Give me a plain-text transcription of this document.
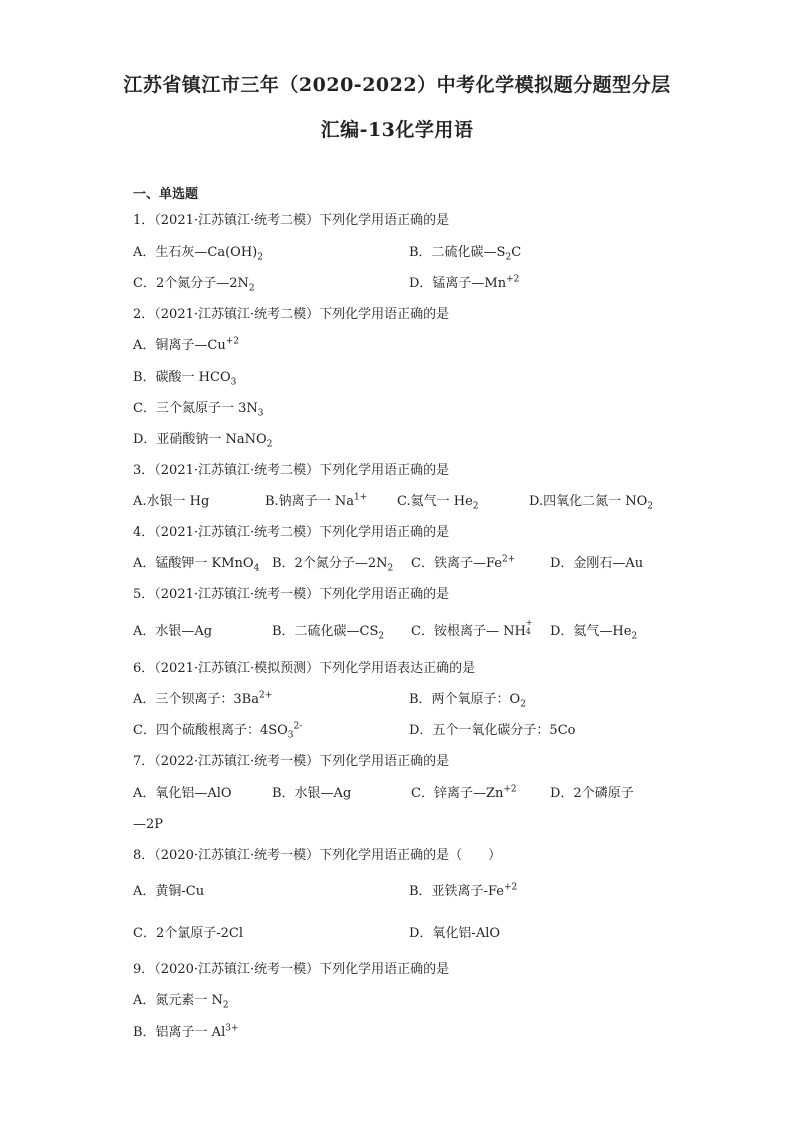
江苏省镇江市三年（2020-2022）中考化学模拟题分题型分层
汇编-13化学用语
一、单选题
1．（2021·江苏镇江·统考二模）下列化学用语正确的是
A．生石灰$—Ca(OH)_2$	B．二硫化碳$—S_2C$
C．2个氮分子$—2N_2$	D．锰离子$—Mn^{+2}$
2．（2021·江苏镇江·统考二模）下列化学用语正确的是
A．铜离子$—Cu^{+2}$
B．碳酸一 $HCO_3$
C．三个氮原子一 $3N_3$
D．亚硝酸钠一 NaNO$_2$
3．（2021·江苏镇江·统考二模）下列化学用语正确的是
A.水银一 Hg	B.钠离子一 $Na^{1+}$ C.氦气一 $He_2$	D.四氧化二氮一 $NO_2$
4．（2021·江苏镇江·统考二模）下列化学用语正确的是
A．锰酸钾一 KMnO$_4$ B．2个氮分子$—2N_2$ C．铁离子$—Fe^{2+}$	D．金刚石—Au
5．（2021·江苏镇江·统考一模）下列化学用语正确的是
A．水银—Ag	B．二硫化碳$—CS_2$ C．铵根离子— NH
+
4 D．氦气$—He_2$
6．（2021·江苏镇江·模拟预测）下列化学用语表达正确的是
A．三个钡离子：$3Ba^{2+}$	B．两个氧原子：$O_2$
C．四个硫酸根离子：$4SO_3^{2-}$	D．五个一氧化碳分子：5Co
7．（2022·江苏镇江·统考一模）下列化学用语正确的是
A．氧化铝—AlO	B．水银—Ag	C．锌离子$—Zn^{+2}$	D．2个磷原子
—2P
8．（2020·江苏镇江·统考一模）下列化学用语正确的是（　　）
A．黄铜-Cu	B．亚铁离子$-Fe^{+2}$
C．2个氯原子-2Cl	D．氧化铝-AlO
9．（2020·江苏镇江·统考一模）下列化学用语正确的是
A．氮元素一 $N_2$
B．铝离子一 $Al^{3+}$
